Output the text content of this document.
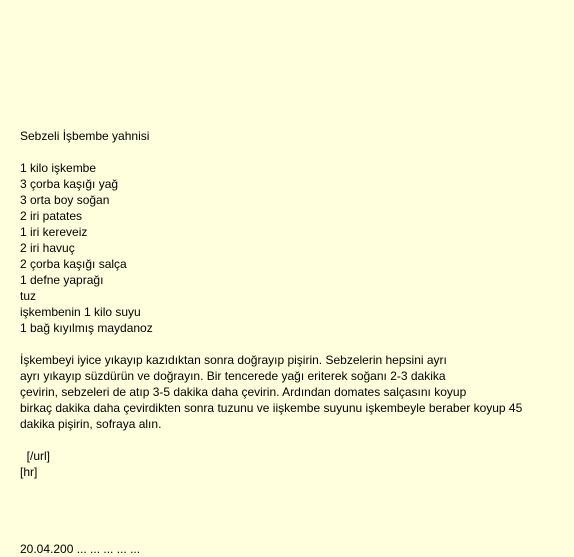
Sebzeli İşbembe yahnisi
1 kilo işkembe
3 çorba kaşığı yağ
3 orta boy soğan
2 iri patates
1 iri kereveiz
2 iri havuç
2 çorba kaşığı salça
1 defne yaprağı
tuz
işkembenin 1 kilo suyu
1 bağ kıyılmış maydanoz
İşkembeyi iyice yıkayıp kazıdıktan sonra doğrayıp pişirin. Sebzelerin hepsini ayrı
ayrı yıkayıp süzdürün ve doğrayın. Bir tencerede yağı eriterek soğanı 2-3 dakika
çevirin, sebzeleri de atıp 3-5 dakika daha çevirin. Ardından domates salçasını koyup
birkaç dakika daha çevirdikten sonra tuzunu ve iişkembe suyunu işkembeyle beraber koyup 45
dakika pişirin, sofraya alın.
[/url]
[hr]
20.04.200 ... ... ... ... ...
